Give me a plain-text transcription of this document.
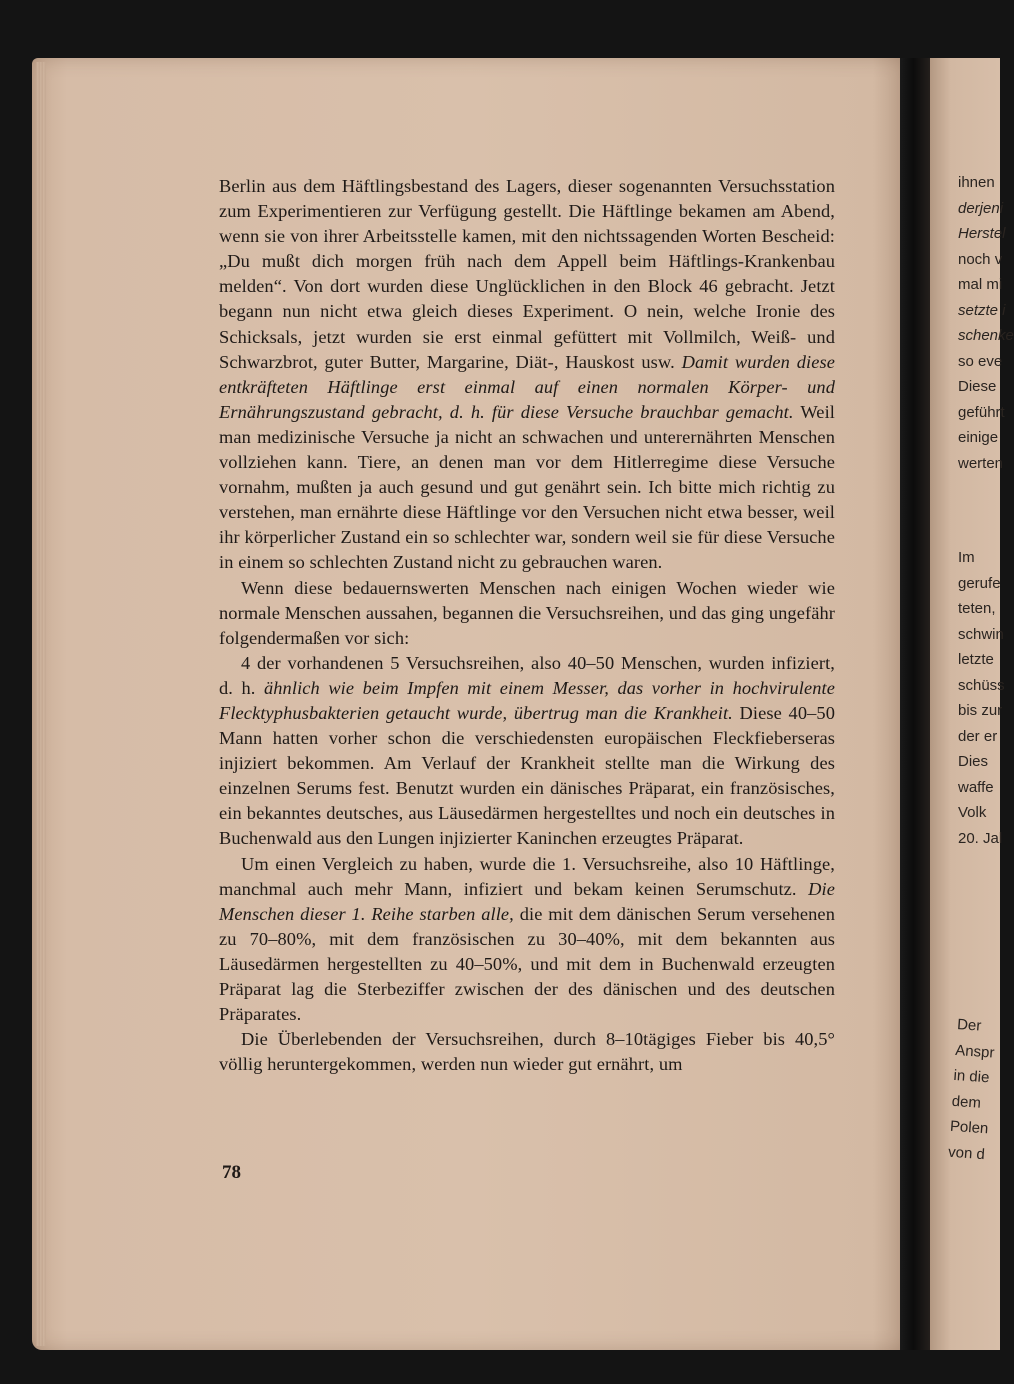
Berlin aus dem Häftlingsbestand des Lagers, dieser sogenannten Versuchsstation zum Experimentieren zur Verfügung gestellt. Die Häftlinge bekamen am Abend, wenn sie von ihrer Arbeitsstelle kamen, mit den nichtssagenden Worten Bescheid: „Du mußt dich morgen früh nach dem Appell beim Häftlings-Krankenbau melden“. Von dort wurden diese Unglücklichen in den Block 46 gebracht. Jetzt begann nun nicht etwa gleich dieses Experiment. O nein, welche Ironie des Schicksals, jetzt wurden sie erst einmal gefüttert mit Vollmilch, Weiß- und Schwarzbrot, guter Butter, Margarine, Diät-, Hauskost usw. Damit wurden diese entkräfteten Häftlinge erst einmal auf einen normalen Körper- und Ernährungszustand gebracht, d. h. für diese Versuche brauchbar gemacht. Weil man medizinische Versuche ja nicht an schwachen und unterernährten Menschen vollziehen kann. Tiere, an denen man vor dem Hitlerregime diese Versuche vornahm, mußten ja auch gesund und gut genährt sein. Ich bitte mich richtig zu verstehen, man ernährte diese Häftlinge vor den Versuchen nicht etwa besser, weil ihr körperlicher Zustand ein so schlechter war, sondern weil sie für diese Versuche in einem so schlechten Zustand nicht zu gebrauchen waren.

Wenn diese bedauernswerten Menschen nach einigen Wochen wieder wie normale Menschen aussahen, begannen die Versuchsreihen, und das ging ungefähr folgendermaßen vor sich:

4 der vorhandenen 5 Versuchsreihen, also 40–50 Menschen, wurden infiziert, d. h. ähnlich wie beim Impfen mit einem Messer, das vorher in hochvirulente Flecktyphusbakterien getaucht wurde, übertrug man die Krankheit. Diese 40–50 Mann hatten vorher schon die verschiedensten europäischen Fleckfieberseras injiziert bekommen. Am Verlauf der Krankheit stellte man die Wirkung des einzelnen Serums fest. Benutzt wurden ein dänisches Präparat, ein französisches, ein bekanntes deutsches, aus Läusedärmen hergestelltes und noch ein deutsches in Buchenwald aus den Lungen injizierter Kaninchen erzeugtes Präparat.

Um einen Vergleich zu haben, wurde die 1. Versuchsreihe, also 10 Häftlinge, manchmal auch mehr Mann, infiziert und bekam keinen Serumschutz. Die Menschen dieser 1. Reihe starben alle, die mit dem dänischen Serum versehenen zu 70–80%, mit dem französischen zu 30–40%, mit dem bekannten aus Läusedärmen hergestellten zu 40–50%, und mit dem in Buchenwald erzeugten Präparat lag die Sterbeziffer zwischen der des dänischen und des deutschen Präparates.

Die Überlebenden der Versuchsreihen, durch 8–10tägiges Fieber bis 40,5° völlig heruntergekommen, werden nun wieder gut ernährt, um

78
ihnen
derjeni
Herstel
noch v
mal mi
setzte i
schenke
so eve
Diese
geführt
einige
werten
Im
gerufe
teten,
schwin
letzte
schüss
bis zur
der er
Dies
waffe
Volk
20. Jal
Der
Anspr
in die
dem
Polen
von d
